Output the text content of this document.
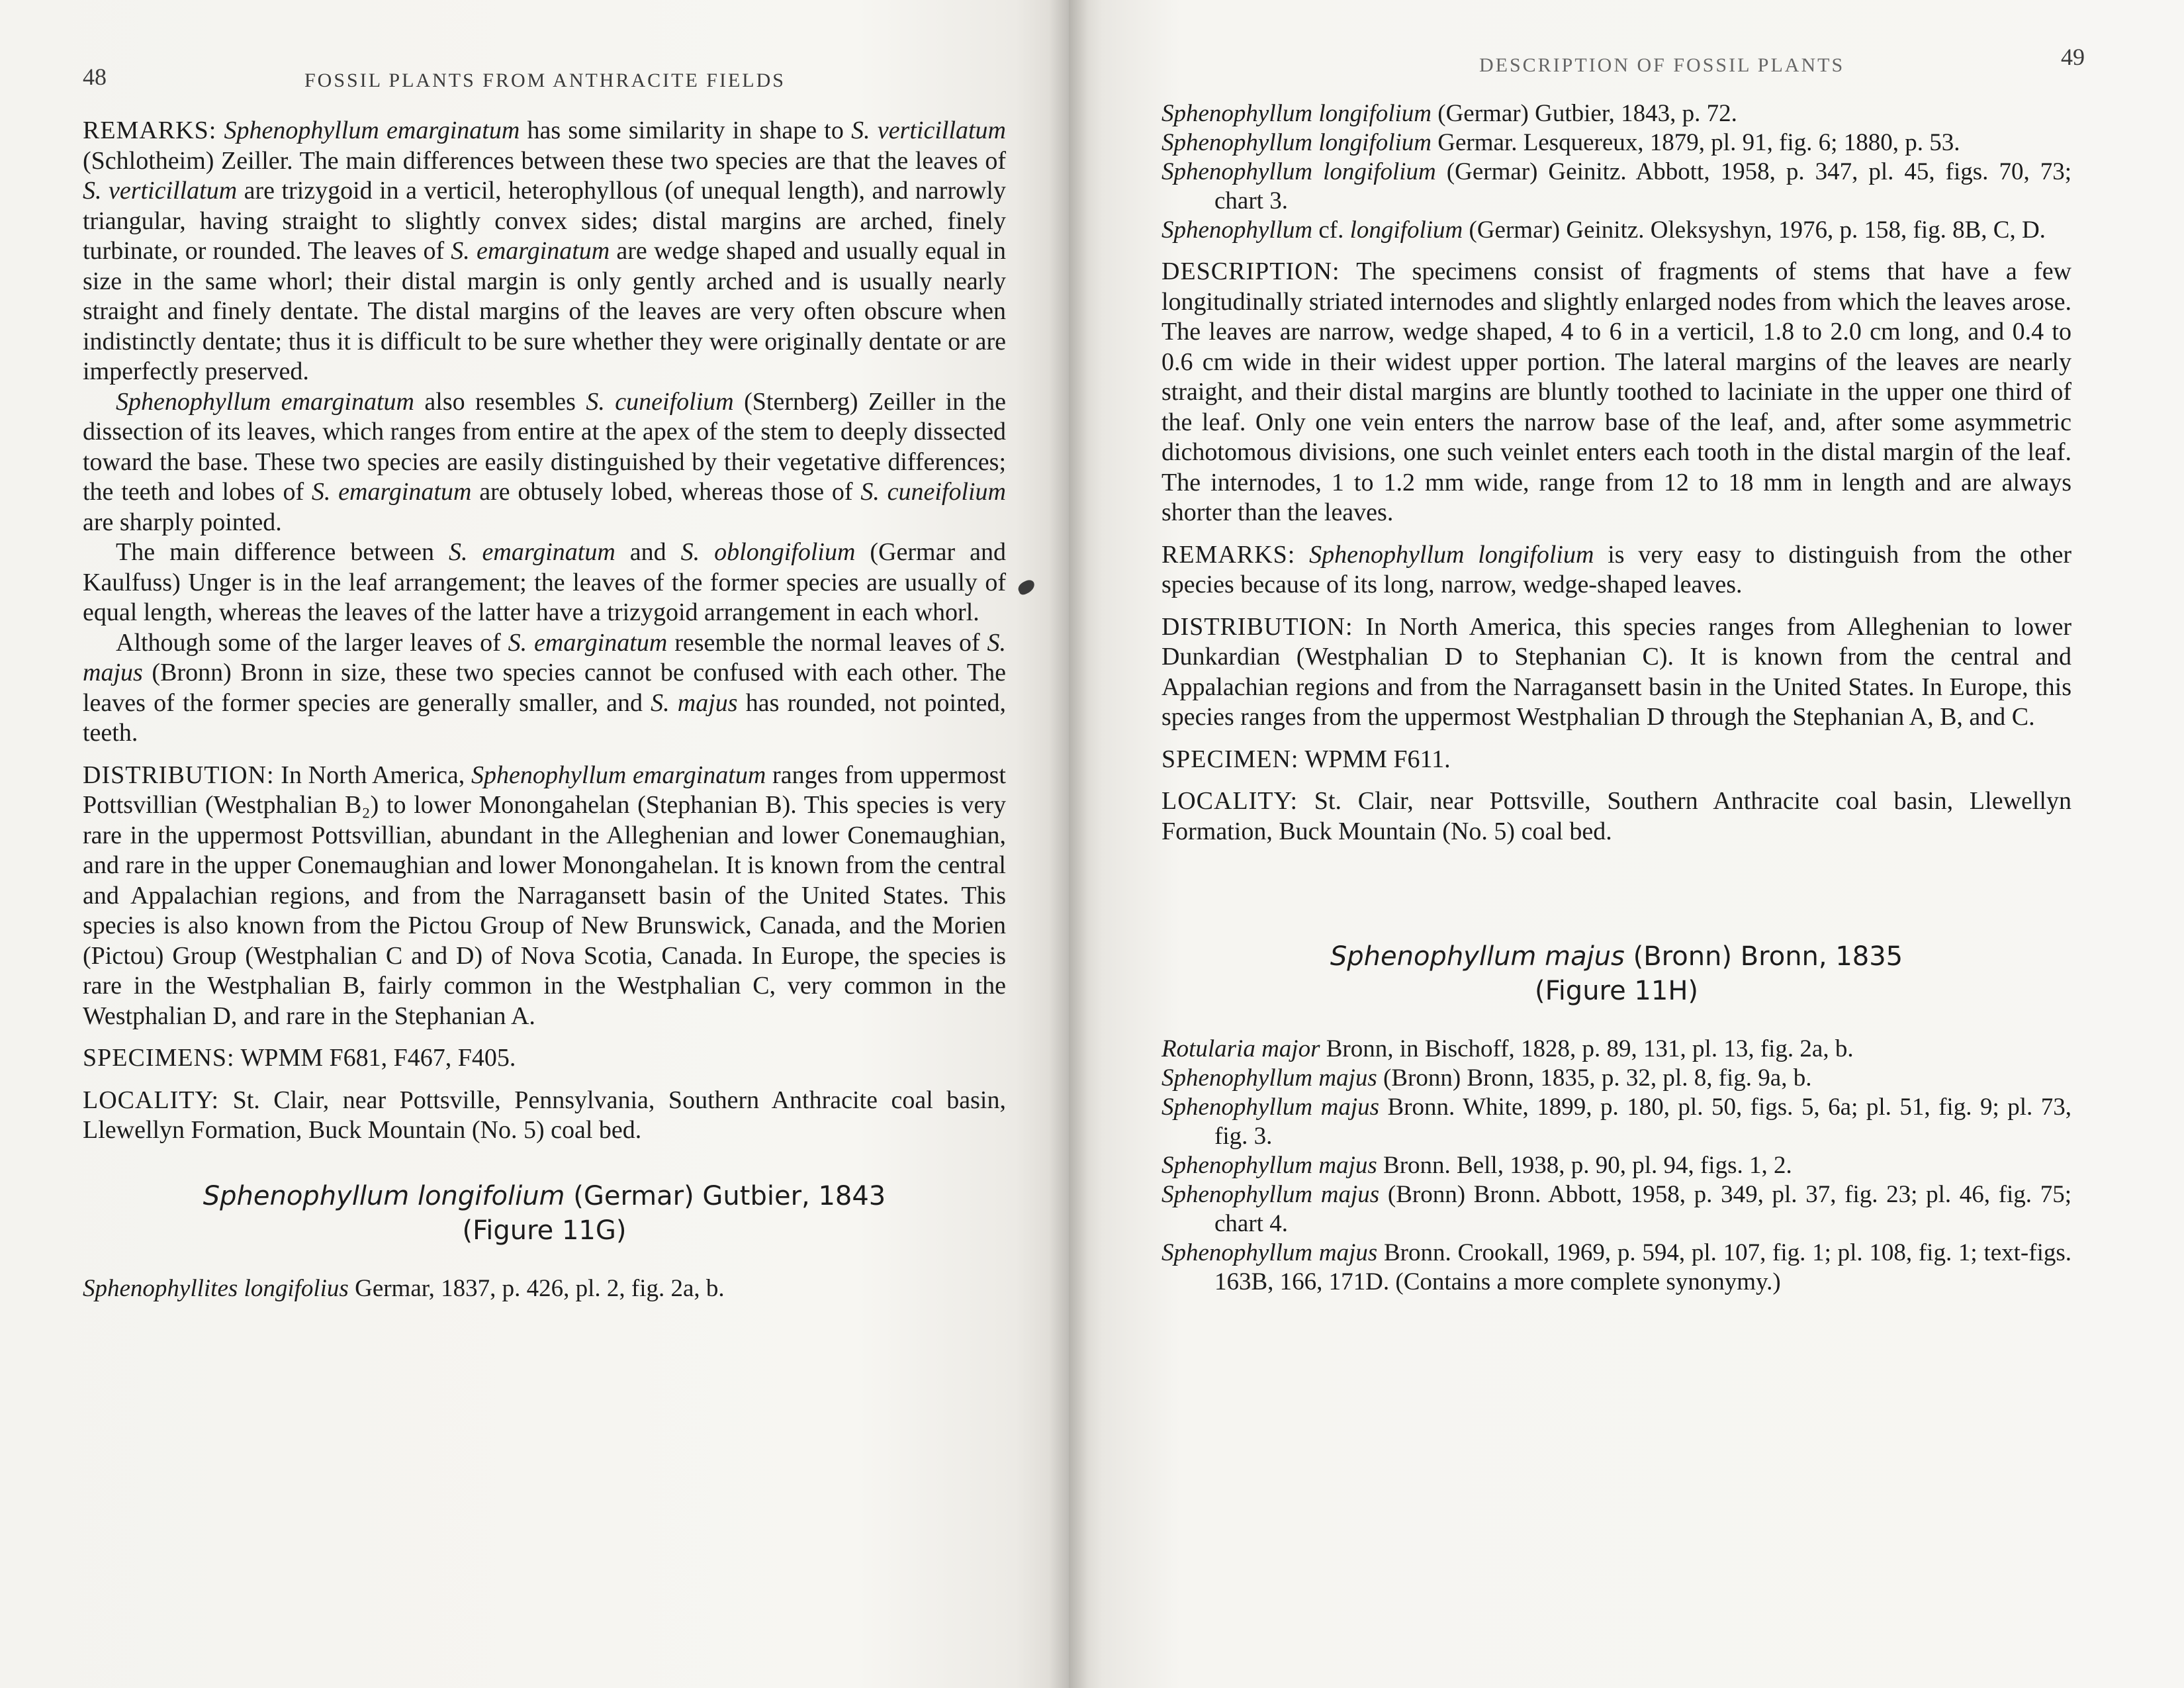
48	FOSSIL PLANTS FROM ANTHRACITE FIELDS

REMARKS: Sphenophyllum emarginatum has some similarity in shape to S. verticillatum (Schlotheim) Zeiller. The main differences between these two species are that the leaves of S. verticillatum are trizygoid in a verticil, heterophyllous (of unequal length), and narrowly triangular, having straight to slightly convex sides; distal margins are arched, finely turbinate, or rounded. The leaves of S. emarginatum are wedge shaped and usually equal in size in the same whorl; their distal margin is only gently arched and is usually nearly straight and finely dentate. The distal margins of the leaves are very often obscure when indistinctly dentate; thus it is difficult to be sure whether they were originally dentate or are imperfectly preserved.

Sphenophyllum emarginatum also resembles S. cuneifolium (Sternberg) Zeiller in the dissection of its leaves, which ranges from entire at the apex of the stem to deeply dissected toward the base. These two species are easily distinguished by their vegetative differences; the teeth and lobes of S. emarginatum are obtusely lobed, whereas those of S. cuneifolium are sharply pointed.

The main difference between S. emarginatum and S. oblongifolium (Germar and Kaulfuss) Unger is in the leaf arrangement; the leaves of the former species are usually of equal length, whereas the leaves of the latter have a trizygoid arrangement in each whorl.

Although some of the larger leaves of S. emarginatum resemble the normal leaves of S. majus (Bronn) Bronn in size, these two species cannot be confused with each other. The leaves of the former species are generally smaller, and S. majus has rounded, not pointed, teeth.

DISTRIBUTION: In North America, Sphenophyllum emarginatum ranges from uppermost Pottsvillian (Westphalian B₂) to lower Monongahelan (Stephanian B). This species is very rare in the uppermost Pottsvillian, abundant in the Alleghenian and lower Conemaughian, and rare in the upper Conemaughian and lower Monongahelan. It is known from the central and Appalachian regions, and from the Narragansett basin of the United States. This species is also known from the Pictou Group of New Brunswick, Canada, and the Morien (Pictou) Group (Westphalian C and D) of Nova Scotia, Canada. In Europe, the species is rare in the Westphalian B, fairly common in the Westphalian C, very common in the Westphalian D, and rare in the Stephanian A.

SPECIMENS: WPMM F681, F467, F405.

LOCALITY: St. Clair, near Pottsville, Pennsylvania, Southern Anthracite coal basin, Llewellyn Formation, Buck Mountain (No. 5) coal bed.

Sphenophyllum longifolium (Germar) Gutbier, 1843
(Figure 11G)

Sphenophyllites longifolius Germar, 1837, p. 426, pl. 2, fig. 2a, b.

DESCRIPTION OF FOSSIL PLANTS	49

Sphenophyllum longifolium (Germar) Gutbier, 1843, p. 72.

Sphenophyllum longifolium Germar. Lesquereux, 1879, pl. 91, fig. 6; 1880, p. 53.

Sphenophyllum longifolium (Germar) Geinitz. Abbott, 1958, p. 347, pl. 45, figs. 70, 73; chart 3.

Sphenophyllum cf. longifolium (Germar) Geinitz. Oleksyshyn, 1976, p. 158, fig. 8B, C, D.

DESCRIPTION: The specimens consist of fragments of stems that have a few longitudinally striated internodes and slightly enlarged nodes from which the leaves arose. The leaves are narrow, wedge shaped, 4 to 6 in a verticil, 1.8 to 2.0 cm long, and 0.4 to 0.6 cm wide in their widest upper portion. The lateral margins of the leaves are nearly straight, and their distal margins are bluntly toothed to laciniate in the upper one third of the leaf. Only one vein enters the narrow base of the leaf, and, after some asymmetric dichotomous divisions, one such veinlet enters each tooth in the distal margin of the leaf. The internodes, 1 to 1.2 mm wide, range from 12 to 18 mm in length and are always shorter than the leaves.

REMARKS: Sphenophyllum longifolium is very easy to distinguish from the other species because of its long, narrow, wedge-shaped leaves.

DISTRIBUTION: In North America, this species ranges from Alleghenian to lower Dunkardian (Westphalian D to Stephanian C). It is known from the central and Appalachian regions and from the Narragansett basin in the United States. In Europe, this species ranges from the uppermost Westphalian D through the Stephanian A, B, and C.

SPECIMEN: WPMM F611.

LOCALITY: St. Clair, near Pottsville, Southern Anthracite coal basin, Llewellyn Formation, Buck Mountain (No. 5) coal bed.

Sphenophyllum majus (Bronn) Bronn, 1835
(Figure 11H)

Rotularia major Bronn, in Bischoff, 1828, p. 89, 131, pl. 13, fig. 2a, b.

Sphenophyllum majus (Bronn) Bronn, 1835, p. 32, pl. 8, fig. 9a, b.

Sphenophyllum majus Bronn. White, 1899, p. 180, pl. 50, figs. 5, 6a; pl. 51, fig. 9; pl. 73, fig. 3.

Sphenophyllum majus Bronn. Bell, 1938, p. 90, pl. 94, figs. 1, 2.

Sphenophyllum majus (Bronn) Bronn. Abbott, 1958, p. 349, pl. 37, fig. 23; pl. 46, fig. 75; chart 4.

Sphenophyllum majus Bronn. Crookall, 1969, p. 594, pl. 107, fig. 1; pl. 108, fig. 1; text-figs. 163B, 166, 171D. (Contains a more complete synonymy.)
